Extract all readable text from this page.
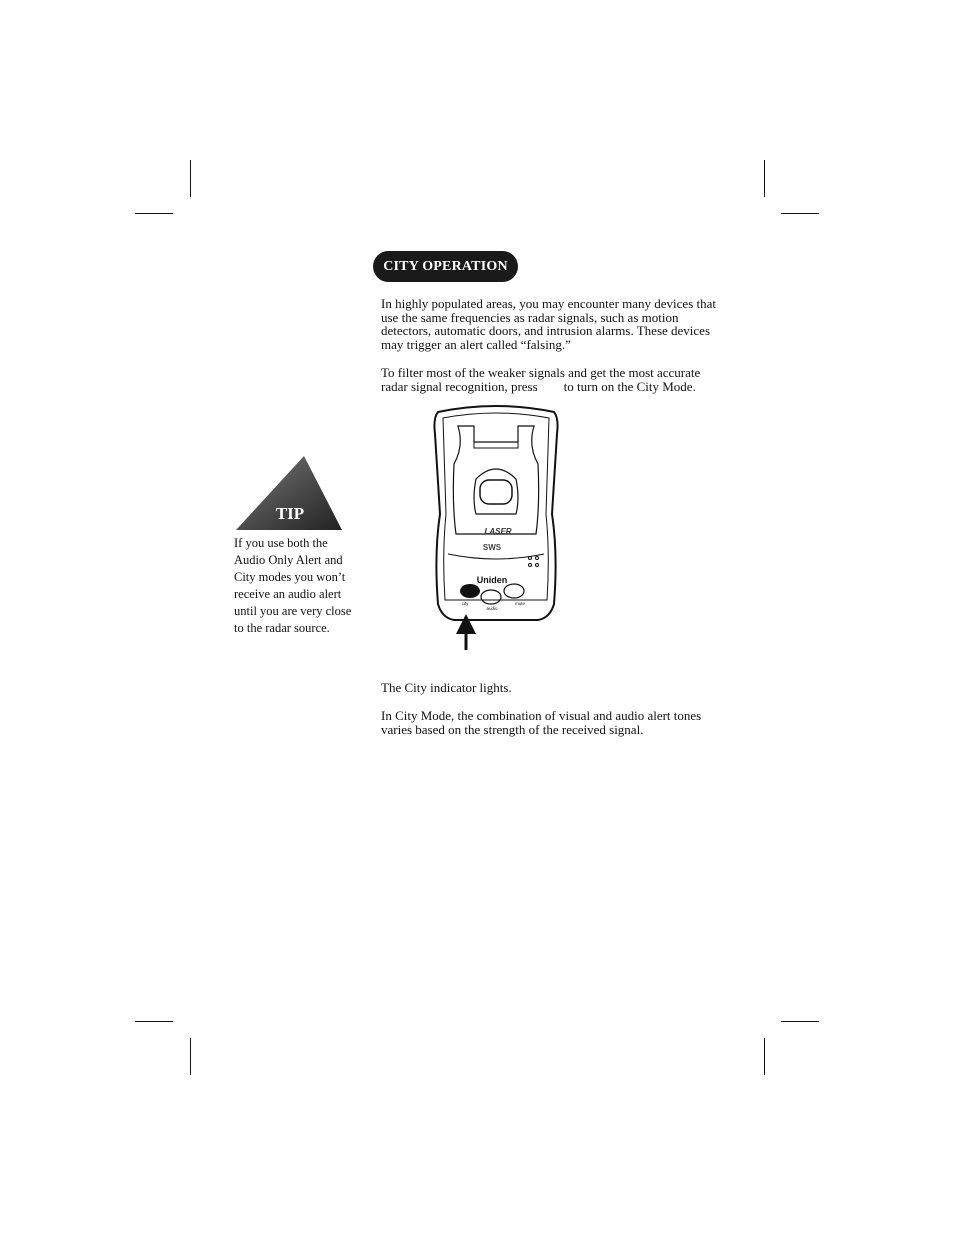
CITY OPERATION

In highly populated areas, you may encounter many devices that use the same frequencies as radar signals, such as motion detectors, automatic doors, and intrusion alarms. These devices may trigger an alert called “falsing.”

To filter most of the weaker signals and get the most accurate radar signal recognition, press        to turn on the City Mode.

TIP

If you use both the Audio Only Alert and City modes you won’t receive an audio alert until you are very close to the radar source.

LASER
SWS
Uniden
city
audio
mute

The City indicator lights.

In City Mode, the combination of visual and audio alert tones varies based on the strength of the received signal.
